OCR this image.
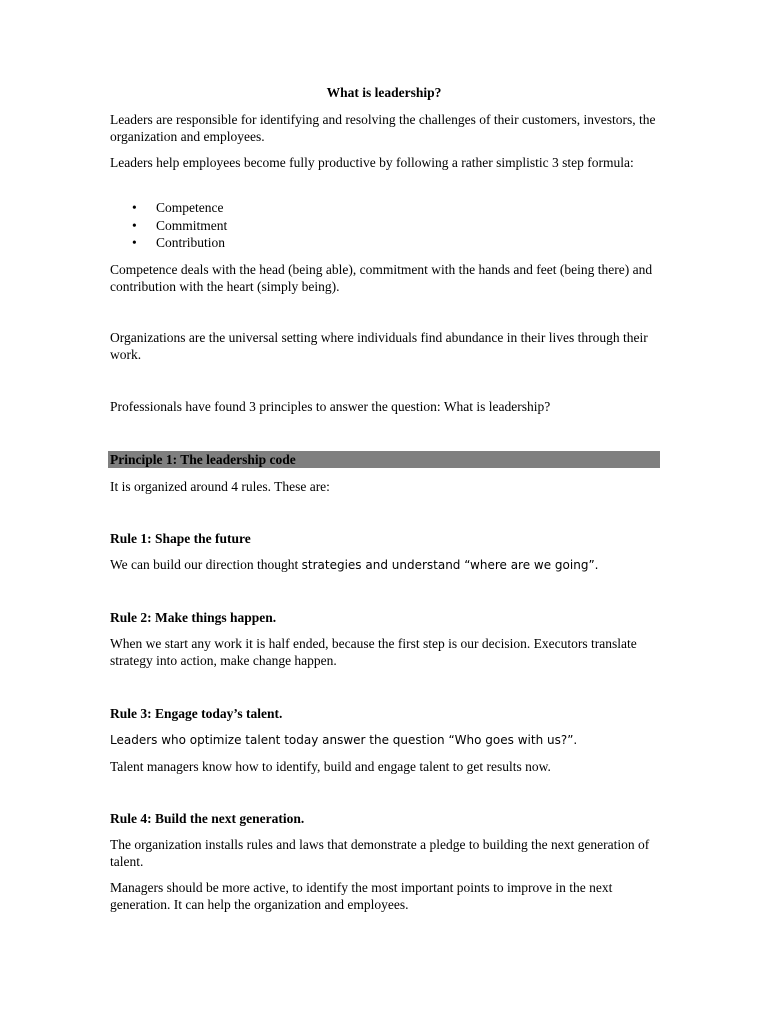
What is leadership?

Leaders are responsible for identifying and resolving the challenges of their customers, investors, the organization and employees.

Leaders help employees become fully productive by following a rather simplistic 3 step formula:

• Competence
• Commitment
• Contribution

Competence deals with the head (being able), commitment with the hands and feet (being there) and contribution with the heart (simply being).

Organizations are the universal setting where individuals find abundance in their lives through their work.

Professionals have found 3 principles to answer the question: What is leadership?

Principle 1: The leadership code

It is organized around 4 rules. These are:

Rule 1: Shape the future

We can build our direction thought strategies and understand “where are we going”.

Rule 2: Make things happen.

When we start any work it is half ended, because the first step is our decision. Executors translate strategy into action, make change happen.

Rule 3: Engage today’s talent.

Leaders who optimize talent today answer the question “Who goes with us?”.

Talent managers know how to identify, build and engage talent to get results now.

Rule 4: Build the next generation.

The organization installs rules and laws that demonstrate a pledge to building the next generation of talent.

Managers should be more active, to identify the most important points to improve in the next generation. It can help the organization and employees.
